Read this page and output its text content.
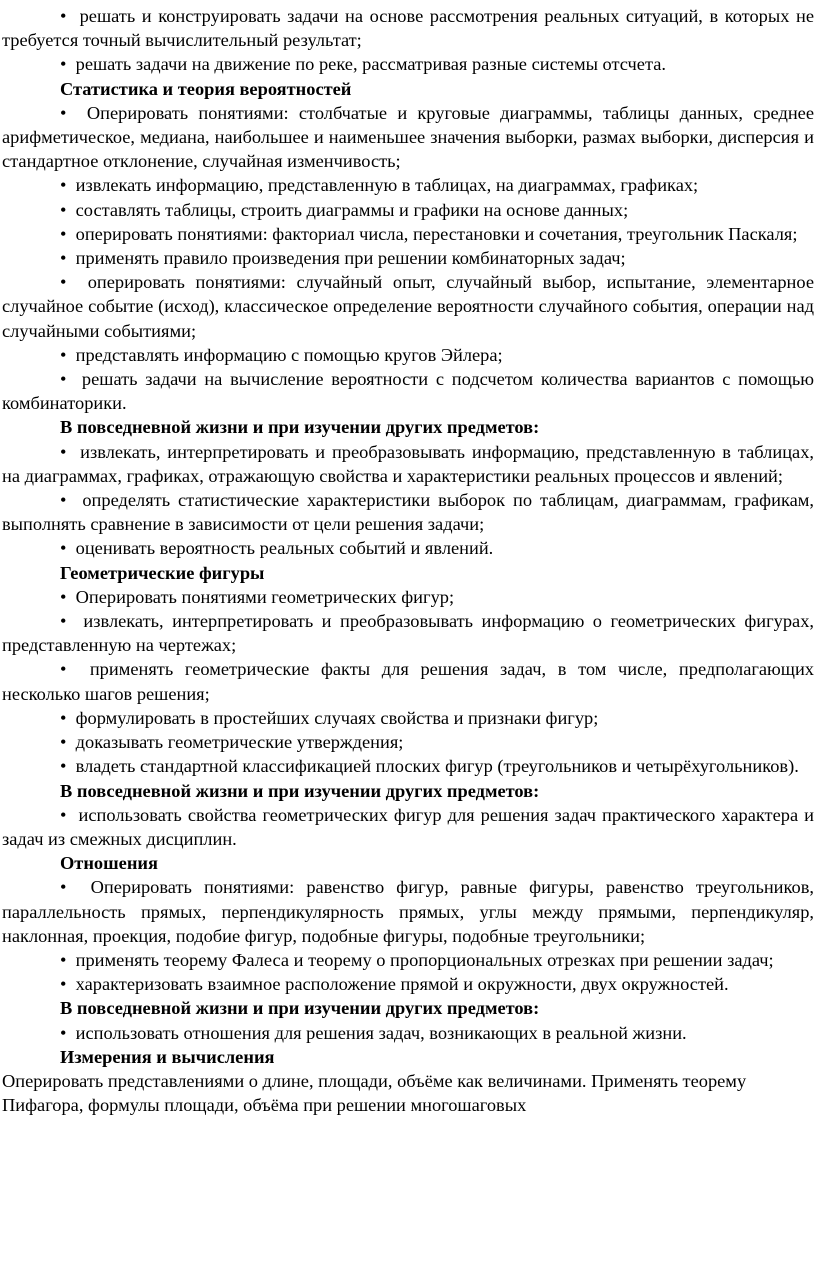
•  решать и конструировать задачи на основе рассмотрения реальных ситуаций, в которых не требуется точный вычислительный результат;

•  решать задачи на движение по реке, рассматривая разные системы отсчета.

Статистика и теория вероятностей

•  Оперировать понятиями: столбчатые и круговые диаграммы, таблицы данных, среднее арифметическое, медиана, наибольшее и наименьшее значения выборки, размах выборки, дисперсия и стандартное отклонение, случайная изменчивость;

•  извлекать информацию, представленную в таблицах, на диаграммах, графиках;

•  составлять таблицы, строить диаграммы и графики на основе данных;

•  оперировать понятиями: факториал числа, перестановки и сочетания, треугольник Паскаля;

•  применять правило произведения при решении комбинаторных задач;

•  оперировать понятиями: случайный опыт, случайный выбор, испытание, элементарное случайное событие (исход), классическое определение вероятности случайного события, операции над случайными событиями;

•  представлять информацию с помощью кругов Эйлера;

•  решать задачи на вычисление вероятности с подсчетом количества вариантов с помощью комбинаторики.

В повседневной жизни и при изучении других предметов:

•  извлекать, интерпретировать и преобразовывать информацию, представленную в таблицах, на диаграммах, графиках, отражающую свойства и характеристики реальных процессов и явлений;

•  определять статистические характеристики выборок по таблицам, диаграммам, графикам, выполнять сравнение в зависимости от цели решения задачи;

•  оценивать вероятность реальных событий и явлений.

Геометрические фигуры

•  Оперировать понятиями геометрических фигур;

•  извлекать, интерпретировать и преобразовывать информацию о геометрических фигурах, представленную на чертежах;

•  применять геометрические факты для решения задач, в том числе, предполагающих несколько шагов решения;

•  формулировать в простейших случаях свойства и признаки фигур;

•  доказывать геометрические утверждения;

•  владеть стандартной классификацией плоских фигур (треугольников и четырёхугольников).

В повседневной жизни и при изучении других предметов:

•  использовать свойства геометрических фигур для решения задач практического характера и задач из смежных дисциплин.

Отношения

•  Оперировать понятиями: равенство фигур, равные фигуры, равенство треугольников, параллельность прямых, перпендикулярность прямых, углы между прямыми, перпендикуляр, наклонная, проекция, подобие фигур, подобные фигуры, подобные треугольники;

•  применять теорему Фалеса и теорему о пропорциональных отрезках при решении задач;

•  характеризовать взаимное расположение прямой и окружности, двух окружностей.

В повседневной жизни и при изучении других предметов:

•  использовать отношения для решения задач, возникающих в реальной жизни.

Измерения и вычисления

Оперировать представлениями о длине, площади, объёме как величинами. Применять теорему Пифагора, формулы площади, объёма при решении многошаговых
